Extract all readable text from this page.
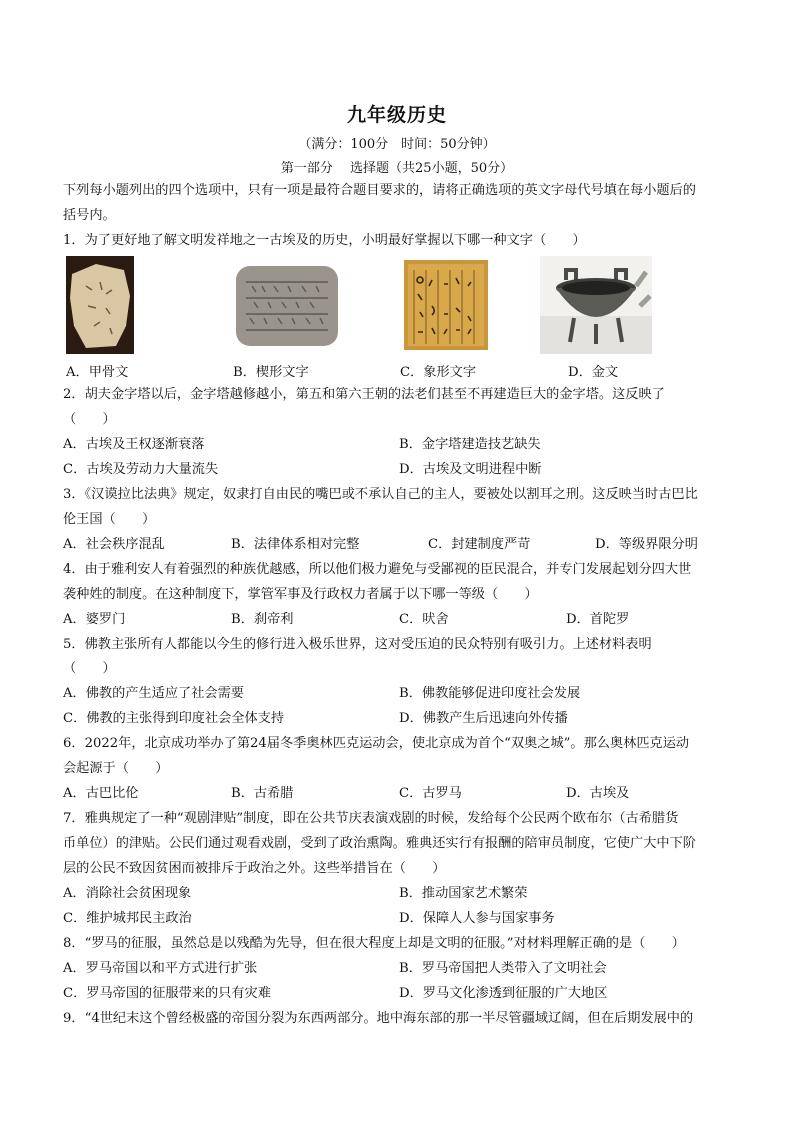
九年级历史
（满分：100分　时间：50分钟）
第一部分　 选择题（共25小题，50分）
下列每小题列出的四个选项中，只有一项是最符合题目要求的，请将正确选项的英文字母代号填在每小题后的
括号内。
1．为了更好地了解文明发祥地之一古埃及的历史，小明最好掌握以下哪一种文字（　　）
A．甲骨文	B．楔形文字	C．象形文字	D．金文
2．胡夫金字塔以后，金字塔越修越小，第五和第六王朝的法老们甚至不再建造巨大的金字塔。这反映了
（　　）
A．古埃及王权逐渐衰落	B．金字塔建造技艺缺失
C．古埃及劳动力大量流失	D．古埃及文明进程中断
3．《汉谟拉比法典》规定，奴隶打自由民的嘴巴或不承认自己的主人，要被处以割耳之刑。这反映当时古巴比
伦王国（　　）
A．社会秩序混乱	B．法律体系相对完整	C．封建制度严苛	D．等级界限分明
4．由于雅利安人有着强烈的种族优越感，所以他们极力避免与受鄙视的臣民混合，并专门发展起划分四大世
袭种姓的制度。在这种制度下，掌管军事及行政权力者属于以下哪一等级（　　）
A．婆罗门	B．刹帝利	C．吠舍	D．首陀罗
5．佛教主张所有人都能以今生的修行进入极乐世界，这对受压迫的民众特别有吸引力。上述材料表明
（　　）
A．佛教的产生适应了社会需要	B．佛教能够促进印度社会发展
C．佛教的主张得到印度社会全体支持	D．佛教产生后迅速向外传播
6．2022年，北京成功举办了第24届冬季奥林匹克运动会，使北京成为首个“双奥之城”。那么奥林匹克运动
会起源于（　　）
A．古巴比伦	B．古希腊	C．古罗马	D．古埃及
7．雅典规定了一种“观剧津贴”制度，即在公共节庆表演戏剧的时候，发给每个公民两个欧布尔（古希腊货
币单位）的津贴。公民们通过观看戏剧，受到了政治熏陶。雅典还实行有报酬的陪审员制度，它使广大中下阶
层的公民不致因贫困而被排斥于政治之外。这些举措旨在（　　）
A．消除社会贫困现象	B．推动国家艺术繁荣
C．维护城邦民主政治	D．保障人人参与国家事务
8．“罗马的征服，虽然总是以残酷为先导，但在很大程度上却是文明的征服。”对材料理解正确的是（　　）
A．罗马帝国以和平方式进行扩张	B．罗马帝国把人类带入了文明社会
C．罗马帝国的征服带来的只有灾难	D．罗马文化渗透到征服的广大地区
9．“4世纪末这个曾经极盛的帝国分裂为东西两部分。地中海东部的那一半尽管疆域辽阔，但在后期发展中的
